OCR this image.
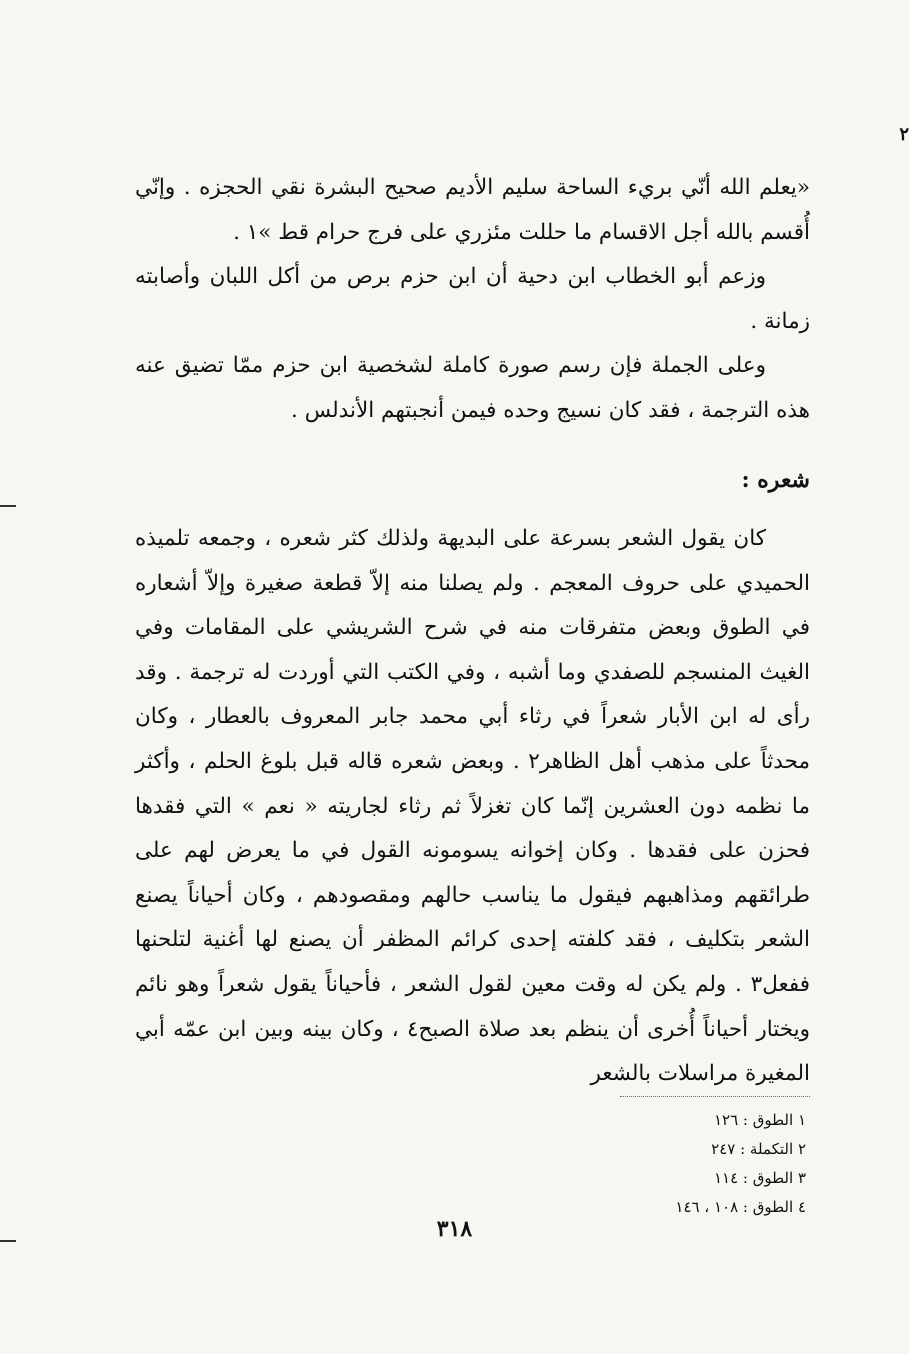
٢

«يعلم الله أنّي بريء الساحة سليم الأديم صحيح البشرة نقي الحجزه . وإنّي أُقسم بالله أجل الاقسام ما حللت مئزري على فرج حرام قط »١ .

وزعم أبو الخطاب ابن دحية أن ابن حزم برص من أكل اللبان وأصابته زمانة .

وعلى الجملة فإن رسم صورة كاملة لشخصية ابن حزم ممّا تضيق عنه هذه الترجمة ، فقد كان نسيج وحده فيمن أنجبتهم الأندلس .

شعره :

كان يقول الشعر بسرعة على البديهة ولذلك كثر شعره ، وجمعه تلميذه الحميدي على حروف المعجم . ولم يصلنا منه إلاّ قطعة صغيرة وإلاّ أشعاره في الطوق وبعض متفرقات منه في شرح الشريشي على المقامات وفي الغيث المنسجم للصفدي وما أشبه ، وفي الكتب التي أوردت له ترجمة . وقد رأى له ابن الأبار شعراً في رثاء أبي محمد جابر المعروف بالعطار ، وكان محدثاً على مذهب أهل الظاهر٢ . وبعض شعره قاله قبل بلوغ الحلم ، وأكثر ما نظمه دون العشرين إنّما كان تغزلاً ثم رثاء لجاريته « نعم » التي فقدها فحزن على فقدها . وكان إخوانه يسومونه القول في ما يعرض لهم على طرائقهم ومذاهبهم فيقول ما يناسب حالهم ومقصودهم ، وكان أحياناً يصنع الشعر بتكليف ، فقد كلفته إحدى كرائم المظفر أن يصنع لها أغنية لتلحنها ففعل٣ . ولم يكن له وقت معين لقول الشعر ، فأحياناً يقول شعراً وهو نائم ويختار أحياناً أُخرى أن ينظم بعد صلاة الصبح٤ ، وكان بينه وبين ابن عمّه أبي المغيرة مراسلات بالشعر

١ الطوق : ١٢٦

٢ التكملة : ٢٤٧

٣ الطوق : ١١٤

٤ الطوق : ١٠٨ ، ١٤٦

٣١٨
